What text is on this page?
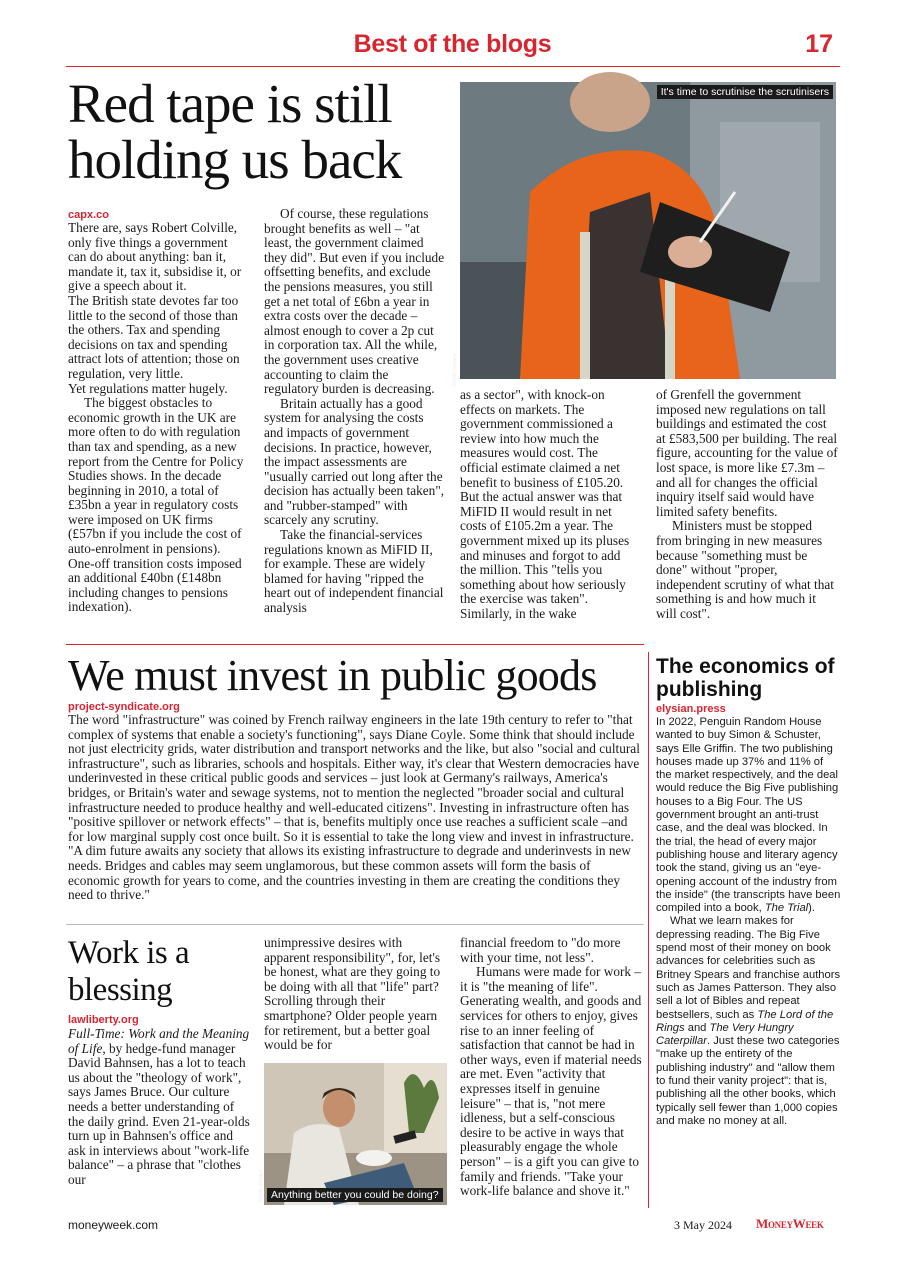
Best of the blogs	17
Red tape is still holding us back
capx.co
It's time to scrutinise the scrutinisers
©Getty Images

There are, says Robert Colville, only five things a government can do about anything: ban it, mandate it, tax it, subsidise it, or give a speech about it.

The British state devotes far too little to the second of those than the others. Tax and spending decisions on tax and spending attract lots of attention; those on regulation, very little.

Yet regulations matter hugely.

The biggest obstacles to economic growth in the UK are more often to do with regulation than tax and spending, as a new report from the Centre for Policy Studies shows. In the decade beginning in 2010, a total of £35bn a year in regulatory costs were imposed on UK firms (£57bn if you include the cost of auto-enrolment in pensions). One-off transition costs imposed an additional £40bn (£148bn including changes to pensions indexation).

Of course, these regulations brought benefits as well – "at least, the government claimed they did". But even if you include offsetting benefits, and exclude the pensions measures, you still get a net total of £6bn a year in extra costs over the decade – almost enough to cover a 2p cut in corporation tax. All the while, the government uses creative accounting to claim the regulatory burden is decreasing.

Britain actually has a good system for analysing the costs and impacts of government decisions. In practice, however, the impact assessments are "usually carried out long after the decision has actually been taken", and "rubber-stamped" with scarcely any scrutiny.

Take the financial-services regulations known as MiFID II, for example. These are widely blamed for having "ripped the heart out of independent financial analysis

as a sector", with knock-on effects on markets. The government commissioned a review into how much the measures would cost. The official estimate claimed a net benefit to business of £105.20. But the actual answer was that MiFID II would result in net costs of £105.2m a year. The government mixed up its pluses and minuses and forgot to add the million. This "tells you something about how seriously the exercise was taken". Similarly, in the wake

of Grenfell the government imposed new regulations on tall buildings and estimated the cost at £583,500 per building. The real figure, accounting for the value of lost space, is more like £7.3m – and all for changes the official inquiry itself said would have limited safety benefits.

Ministers must be stopped from bringing in new measures because "something must be done" without "proper, independent scrutiny of what that something is and how much it will cost".

We must invest in public goods
project-syndicate.org

The word "infrastructure" was coined by French railway engineers in the late 19th century to refer to "that complex of systems that enable a society's functioning", says Diane Coyle. Some think that should include not just electricity grids, water distribution and transport networks and the like, but also "social and cultural infrastructure", such as libraries, schools and hospitals. Either way, it's clear that Western democracies have underinvested in these critical public goods and services – just look at Germany's railways, America's bridges, or Britain's water and sewage systems, not to mention the neglected "broader social and cultural infrastructure needed to produce healthy and well-educated citizens". Investing in infrastructure often has "positive spillover or network effects" – that is, benefits multiply once use reaches a sufficient scale –and for low marginal supply cost once built. So it is essential to take the long view and invest in infrastructure. "A dim future awaits any society that allows its existing infrastructure to degrade and underinvests in new needs. Bridges and cables may seem unglamorous, but these common assets will form the basis of economic growth for years to come, and the countries investing in them are creating the conditions they need to thrive."

Work is a blessing
lawliberty.org

Full-Time: Work and the Meaning of Life, by hedge-fund manager David Bahnsen, has a lot to teach us about the "theology of work", says James Bruce. Our culture needs a better understanding of the daily grind. Even 21-year-olds turn up in Bahnsen's office and ask in interviews about "work-life balance" – a phrase that "clothes our

unimpressive desires with apparent responsibility", for, let's be honest, what are they going to be doing with all that "life" part? Scrolling through their smartphone? Older people yearn for retirement, but a better goal would be for

Anything better you could be doing?
©Getty Images

financial freedom to "do more with your time, not less".

Humans were made for work – it is "the meaning of life". Generating wealth, and goods and services for others to enjoy, gives rise to an inner feeling of satisfaction that cannot be had in other ways, even if material needs are met. Even "activity that expresses itself in genuine leisure" – that is, "not mere idleness, but a self-conscious desire to be active in ways that pleasurably engage the whole person" – is a gift you can give to family and friends. "Take your work-life balance and shove it."

The economics of publishing
elysian.press

In 2022, Penguin Random House wanted to buy Simon & Schuster, says Elle Griffin. The two publishing houses made up 37% and 11% of the market respectively, and the deal would reduce the Big Five publishing houses to a Big Four. The US government brought an anti-trust case, and the deal was blocked. In the trial, the head of every major publishing house and literary agency took the stand, giving us an "eye-opening account of the industry from the inside" (the transcripts have been compiled into a book, The Trial).

What we learn makes for depressing reading. The Big Five spend most of their money on book advances for celebrities such as Britney Spears and franchise authors such as James Patterson. They also sell a lot of Bibles and repeat bestsellers, such as The Lord of the Rings and The Very Hungry Caterpillar. Just these two categories "make up the entirety of the publishing industry" and "allow them to fund their vanity project": that is, publishing all the other books, which typically sell fewer than 1,000 copies and make no money at all.

moneyweek.com	3 May 2024 MoneyWeek
